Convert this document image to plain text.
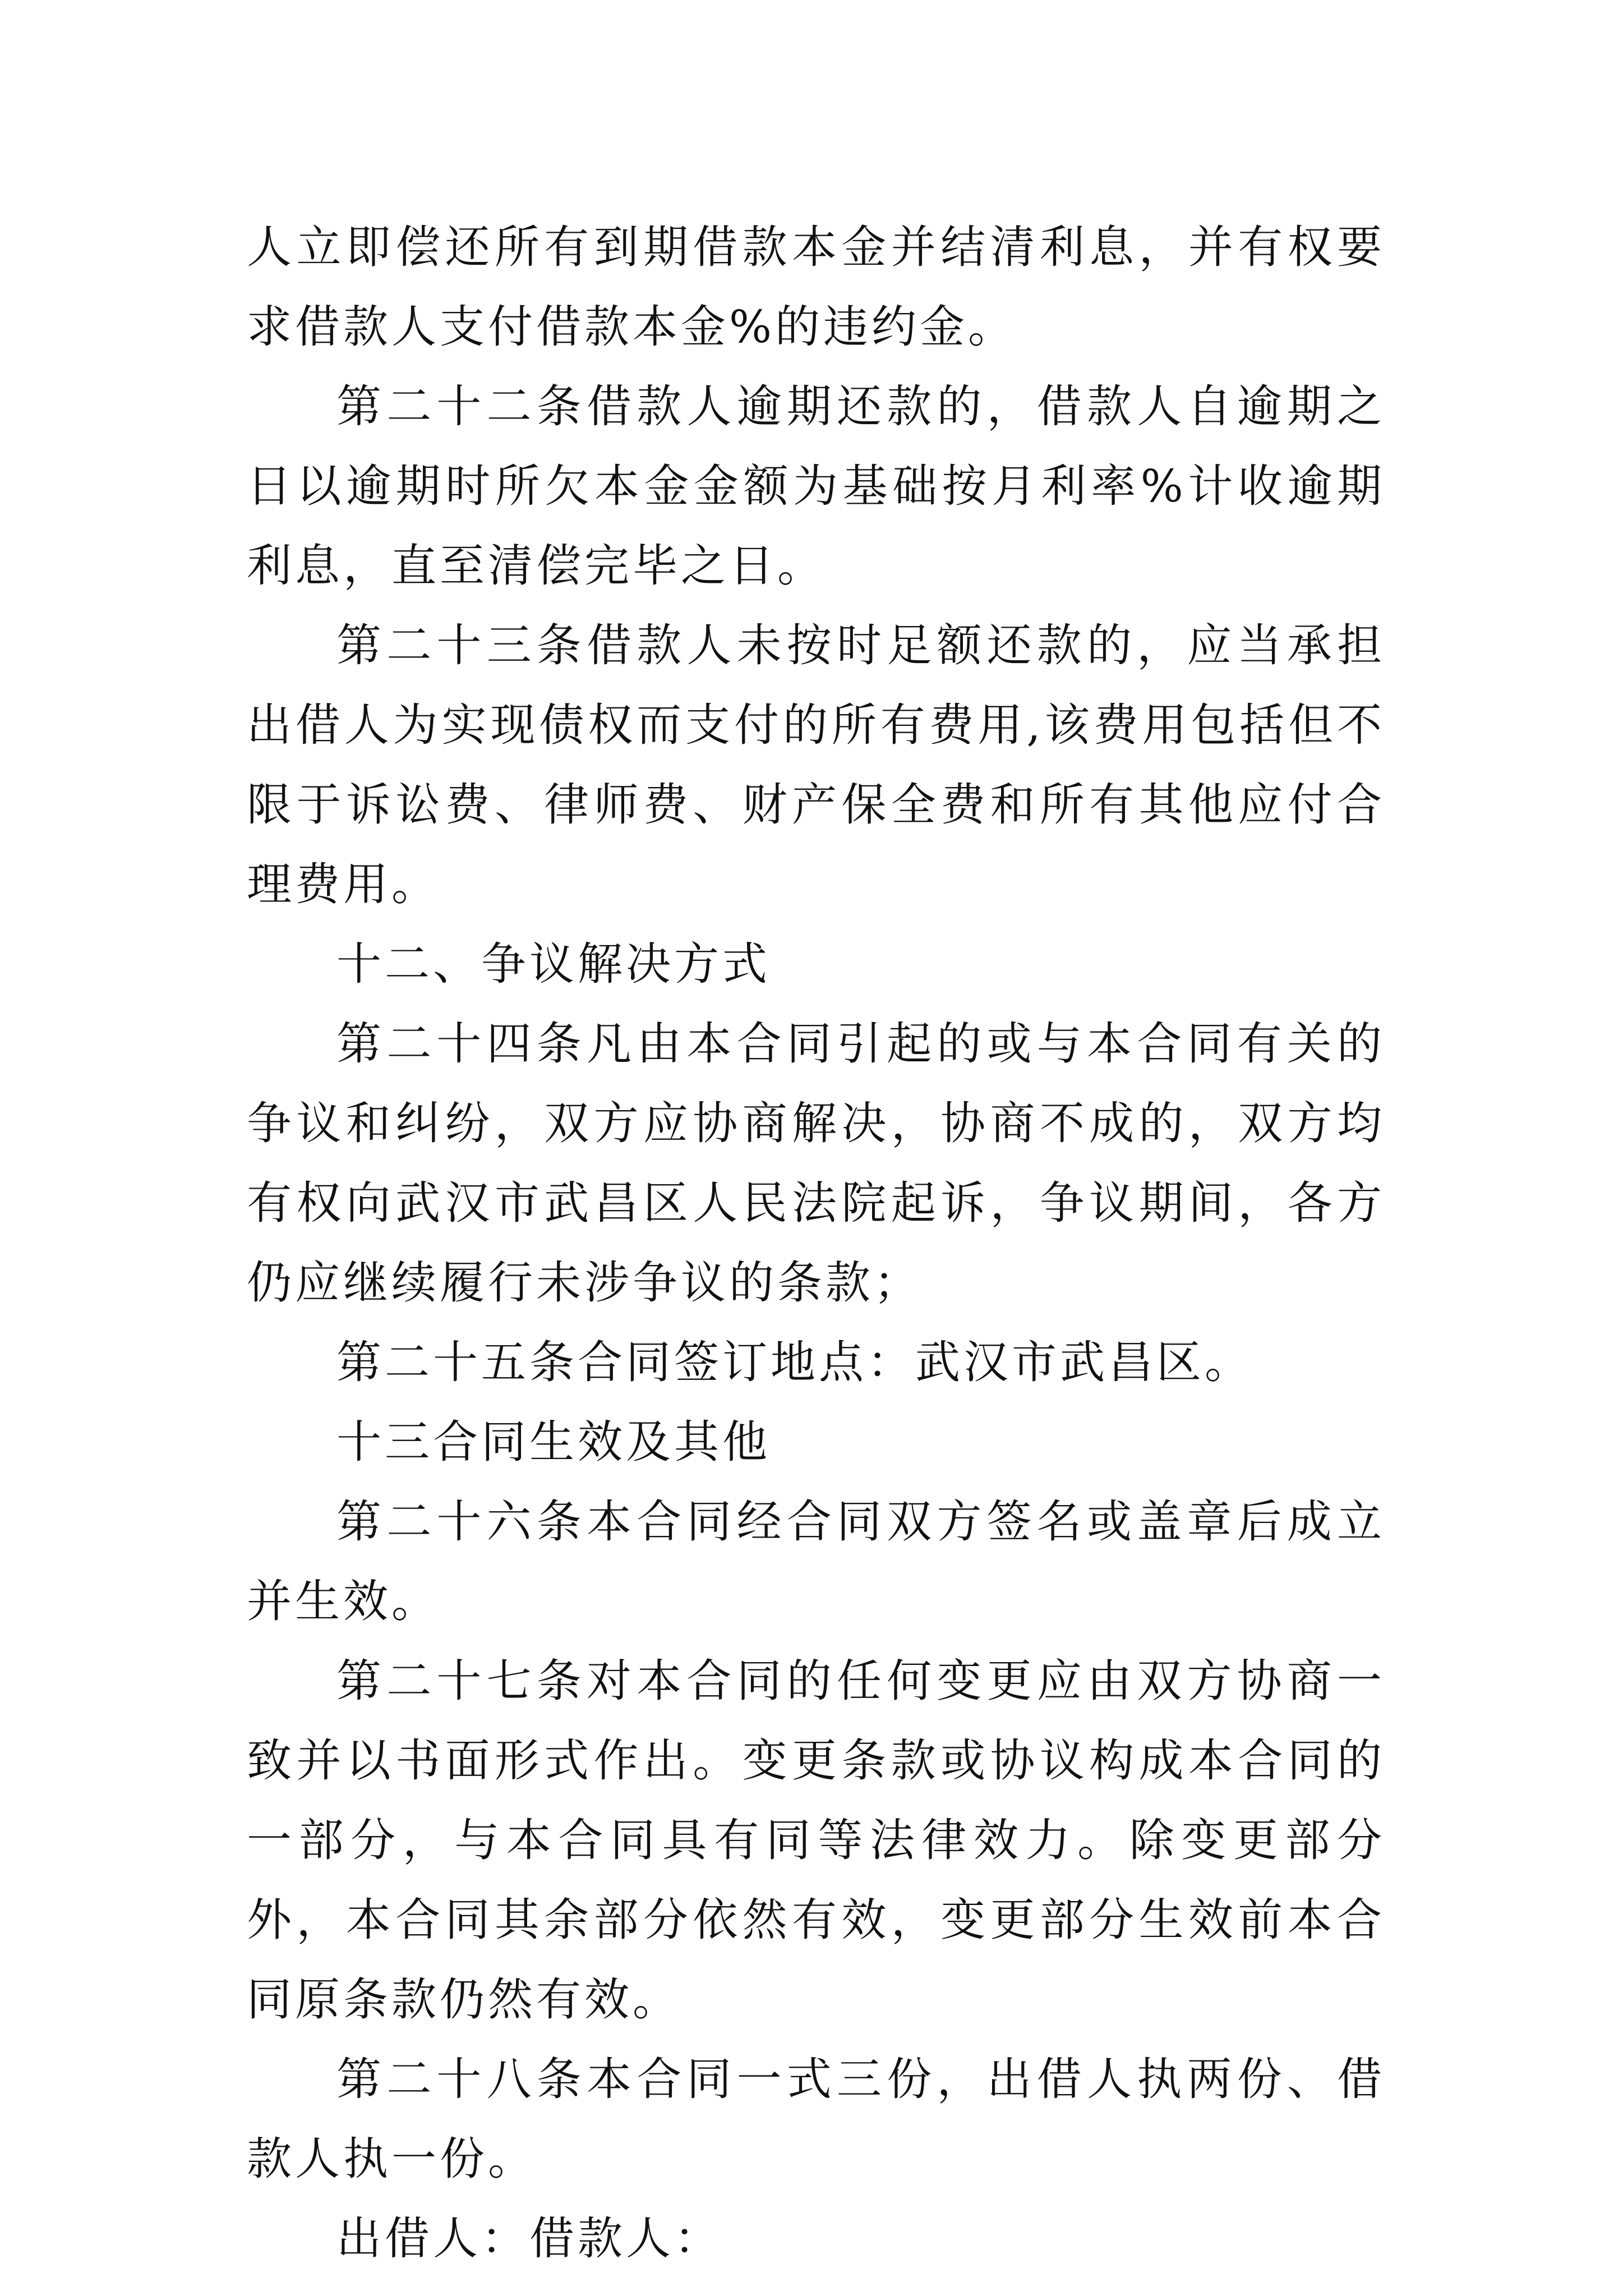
人立即偿还所有到期借款本金并结清利息，并有权要求借款人支付借款本金%的违约金。

第二十二条借款人逾期还款的，借款人自逾期之日以逾期时所欠本金金额为基础按月利率%计收逾期利息，直至清偿完毕之日。

第二十三条借款人未按时足额还款的，应当承担出借人为实现债权而支付的所有费用,该费用包括但不限于诉讼费、律师费、财产保全费和所有其他应付合理费用。

十二、争议解决方式

第二十四条凡由本合同引起的或与本合同有关的争议和纠纷，双方应协商解决，协商不成的，双方均有权向武汉市武昌区人民法院起诉，争议期间，各方仍应继续履行未涉争议的条款；

第二十五条合同签订地点：武汉市武昌区。

十三合同生效及其他

第二十六条本合同经合同双方签名或盖章后成立并生效。

第二十七条对本合同的任何变更应由双方协商一致并以书面形式作出。变更条款或协议构成本合同的一部分，与本合同具有同等法律效力。除变更部分外，本合同其余部分依然有效，变更部分生效前本合同原条款仍然有效。

第二十八条本合同一式三份，出借人执两份、借款人执一份。

出借人：借款人：
